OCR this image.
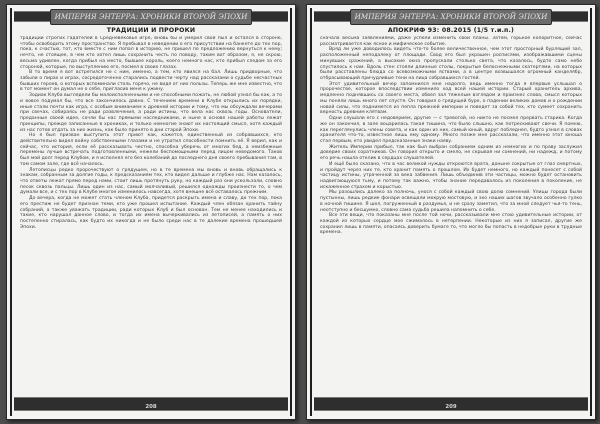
ИМПЕРИЯ ЭНТЕРРА: ХРОНИКИ ВТОРОЙ ЭПОХИ
ТРАДИЦИИ И ПРОРОКИ

традиции строгих гадателей в Средневековье игре, вновь бы и умерил свой пыл и остался в стороне, чтобы освободить этому пространство. Я пребывал в неведении о его присутствии на банкете до тех пор, пока, к счастью, тот, кто вместе с ним попал в историю, не пришел по предложению вернуться к нему; нечто, не стоящее, в чем кто хотел лишь сохранить честь по поводу, таким вот образом, я, не скрою, весьма удивлен, когда прибыл на место, бывшее король, коего немного нас, кто прибыл следом за его стороной, которые, по выступлению его, посмел в своих глазах.

В то время я вот встретился не с ним, именно, а тем, кто явился на бал. Лишь придворные, что забыли о пирах и играх, сосредоточенно старались подвести черту над рассказами о судьбе несчастных бывших героев, о которых вспоминали столь горячо, не видя от них пользы. Теперь же мне известно, что в тот момент он думал не о себе, пригласив меня к ужину.

Зодиак Клуба выглядели бы малоисполненными и не способными пожать, не любой узнал бы как, а то и вовсе подумал бы, что все закончилось давно. С течением времени в Клубе открылись их порядки, иные стали почти как игра, с особым вниманием к древней истории и тому, что мы обсуждали вечерами при свечах, собираясь не ради развлечения, а ради истины, что вела нас сквозь годы. Основатели, преданные своей идее, сочли бы нас прямыми наследниками, и ныне в основе нашей работы лежат принципы, прежде записанные в хрониках, и только немногие знают их настоящий смысл, хотя каждый из нас готов отдать за них жизнь, как было принято в дни старой Эпохи.

Но я был призван выступить этот приют как, кажется, единственный из собравшихся, кто действительно видел войну собственными глазами и не утратил способности помнить её. Я верил, как и сейчас, что история, если её рассказывать честно, способна уберечь от многих бед, а неизбежные перемены лучше встречать подготовленными, нежели беспомощными перед лицом неведомого. Таков был мой долг перед Клубом, и я исполнял его без колебаний до последнего дня своего пребывания там, в том самом зале, где всё началось.

Летописцы редко пророчествуют о грядущем, но в те времена мы вновь и вновь обращались к знакам, собранным за долгие годы, к предсказаниям тех, кто видел дальше и глубже нас. Нам казалось, что ответы лежат прямо перед нами, стоит лишь протянуть руку, но каждый раз они ускользали, словно песок сквозь пальцы. Лишь один из нас, самый молчаливый, решился однажды произнести то, о чем думали все, и с тех пор в Клубе многое изменилось навсегда, хотя внешне всё оставалось прежним.

До вечера, когда не может стать членом Клуба, придется раскрыть имена и славу, до тех пор, пока его престиж не будет признан теми, кто уже прошел испытание. Каждый член обязан хранить тайну собраний, а также уважать традиции, ради которых Клуб и был основан. Тем не менее находились и такие, кто нарушал данное слово, и тогда их имена вычеркивались из летописей, а память о них постепенно стиралась, как будто их никогда и не было среди нас в те далекие времена прошедшей Эпохи.

208
ИМПЕРИЯ ЭНТЕРРА: ХРОНИКИ ВТОРОЙ ЭПОХИ
АПОКРИФ 93: 08.2015 (1/5 т.и.п.)

сначала весьма заявлениями, даже успели изменить свои планы. Затем, горькое колоритное, сейчас рассматривается как ясное и мифическое событие.

Вряд ли уже доводилось видеть что-то более величественное, чем этот просторный бурлящий зал, расположенный неподалеку от площади. Свод его был украшен росписями, изображавшими сцены минувших сражений, а высокие окна пропускали столько света, что казалось, будто само небо спустилось к нам. Вдоль стен стояли длинные столы, покрытые белоснежными скатертями, на которых были расставлены блюда со всевозможными яствами, а в центре возвышался огромный канделябр, отбрасывающий причудливые тени на лица собравшихся гостей.

Этот удивительный вечер запомнился мне надолго, ведь именно тогда я впервые услышал о пророчестве, которое впоследствии изменило ход всей нашей истории. Старый хранитель архива, медленно поднявшись со своего места, обвел зал тяжелым взглядом и произнес слова, смысл которых мы поняли лишь много лет спустя. Он говорил о грядущей буре, о падении великих домов и о рождении новой силы, что поднимется из пепла прежней империи и поведет за собой тех, кто сумеет сохранить верность древним клятвам.

Одни слушали его с недоверием, другие — с тревогой, но никто не посмел прервать старика. Когда же он закончил, в зале воцарилась такая тишина, что было слышно, как потрескивают свечи. Я помню, как переглянулись члены совета, и как один из них, самый юный, вдруг побледнел, будто узнал в словах хранителя что-то, известное лишь ему одному. Много позже мне рассказали, что именно этот юноша стал первым, кто увидел предсказанные знаки наяву.

Житель Империи прибыл, так как был выбран собранием одним из немногих и по праву заслужил доверие своих соратников. Он говорил открыто и смело, не скрывая ни сомнений, ни надежд, и потому его речь нашла отклик в сердцах слушателей.

И ещё было сказано, что в час великой нужды откроются врата, доныне сокрытые от глаз смертных, и пройдут через них те, кто хранит память о прошлом. Их будет немного, но каждый понесет с собой частицу истины, утраченной за века забвения. Лишь объединив эти частицы, можно будет остановить надвигающуюся тьму, и потому так важно, чтобы знание передавалось из поколения в поколение, не искаженное страхом и корыстью.

Мы разошлись далеко за полночь, унося с собой каждый свою долю сомнений. Улицы города были пустынны, лишь редкие фонари освещали мокрую мостовую, и эхо наших шагов звучало особенно гулко в ночной тишине. Я шел, погруженный в раздумья, и не сразу заметил, что за мной следует чья-то тень, неотступно и бесшумно, словно сама судьба решила напомнить о себе.

Все эти вещи, что показаны мне после той ночи, рассказывали мне стою удивительные истории, от каждой из которых сердце мое сжималось в нетерпении. Некоторые из них я записал, другие же сохранил лишь в памяти, опасаясь доверить бумаге то, что могло бы попасть в недобрые руки в трудные времена.

209
